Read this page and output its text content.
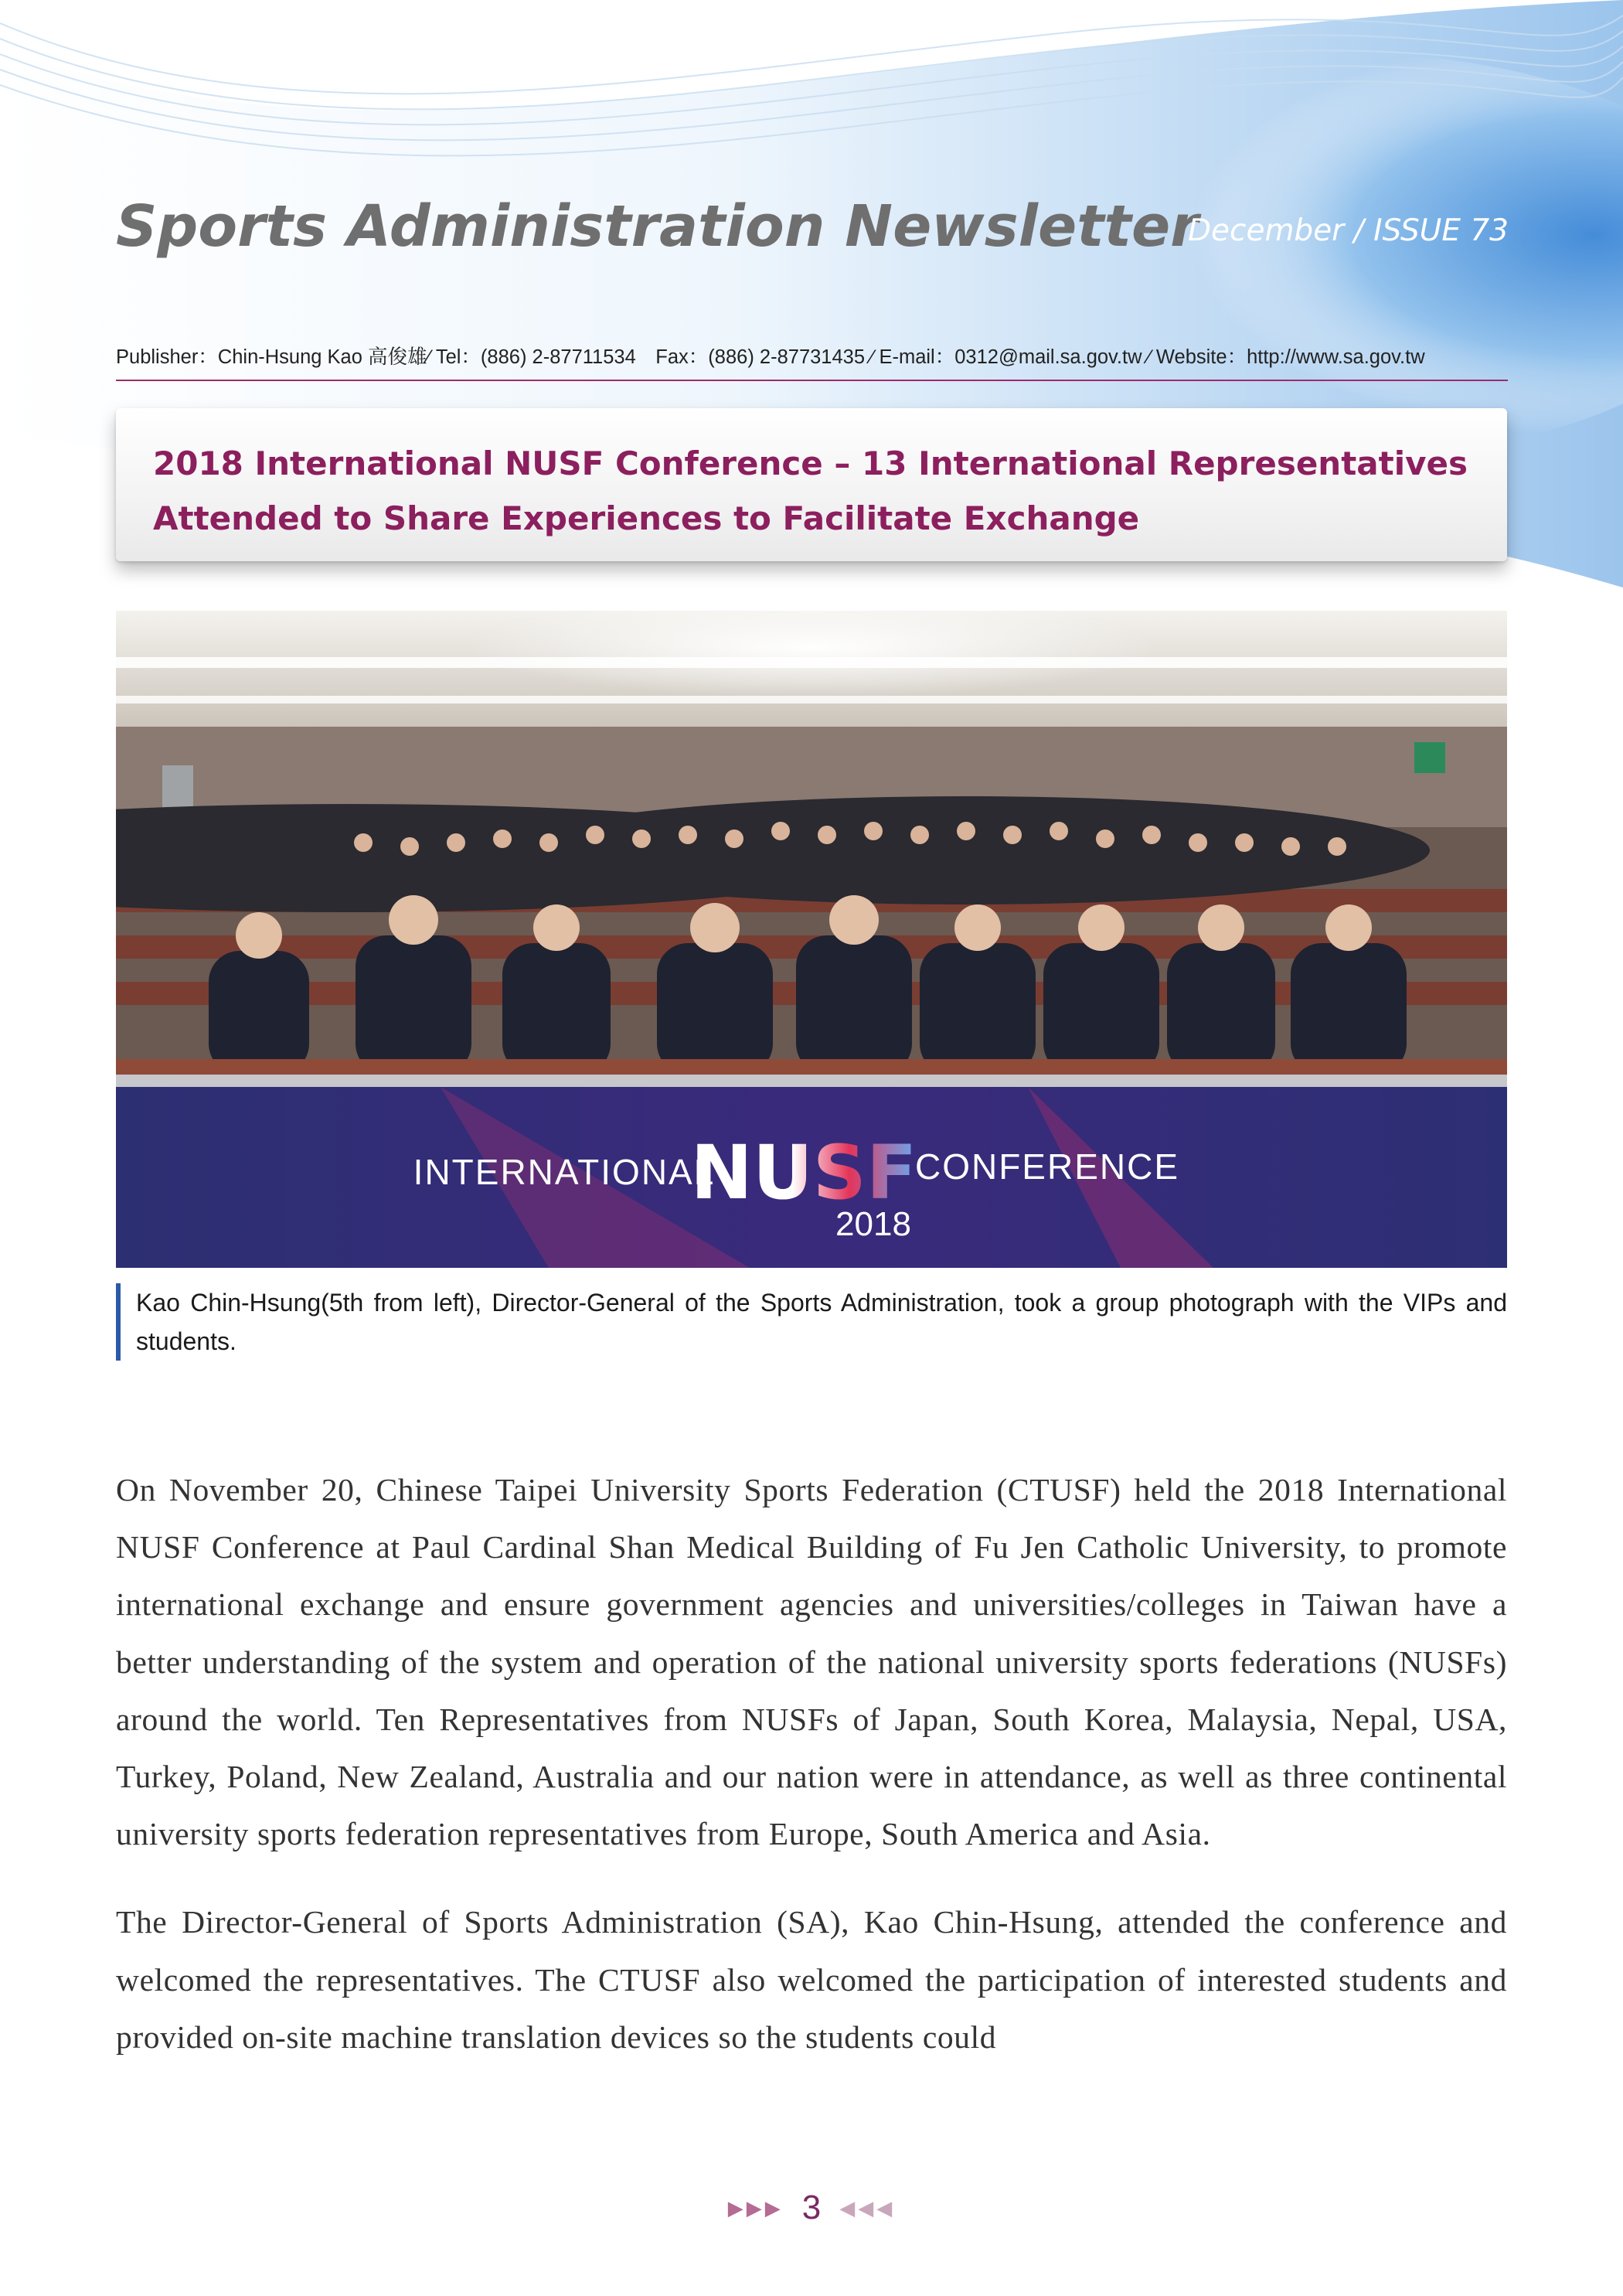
Sports Administration Newsletter
December ∕ ISSUE 73
Publisher：Chin-Hsung Kao 高俊雄∕ Tel：(886) 2-87711534　Fax：(886) 2-87731435 ∕ E-mail：0312@mail.sa.gov.tw ∕ Website：http://www.sa.gov.tw
2018 International NUSF Conference – 13 International Representatives Attended to Share Experiences to Facilitate Exchange
INTERNATIONAL
NUSF
CONFERENCE
2018

Kao Chin-Hsung(5th from left), Director-General of the Sports Administration, took a group photograph with the VIPs and students.

On November 20, Chinese Taipei University Sports Federation (CTUSF) held the 2018 International NUSF Conference at Paul Cardinal Shan Medical Building of Fu Jen Catholic University, to promote international exchange and ensure government agencies and universities/colleges in Taiwan have a better understanding of the system and operation of the national university sports federations (NUSFs) around the world. Ten Representatives from NUSFs of Japan, South Korea, Malaysia, Nepal, USA, Turkey, Poland, New Zealand, Australia and our nation were in attendance, as well as three continental university sports federation representatives from Europe, South America and Asia.

The Director-General of Sports Administration (SA), Kao Chin-Hsung, attended the conference and welcomed the representatives. The CTUSF also welcomed the participation of interested students and provided on-site machine translation devices so the students could

▶▶▶ 3 ◀◀◀
